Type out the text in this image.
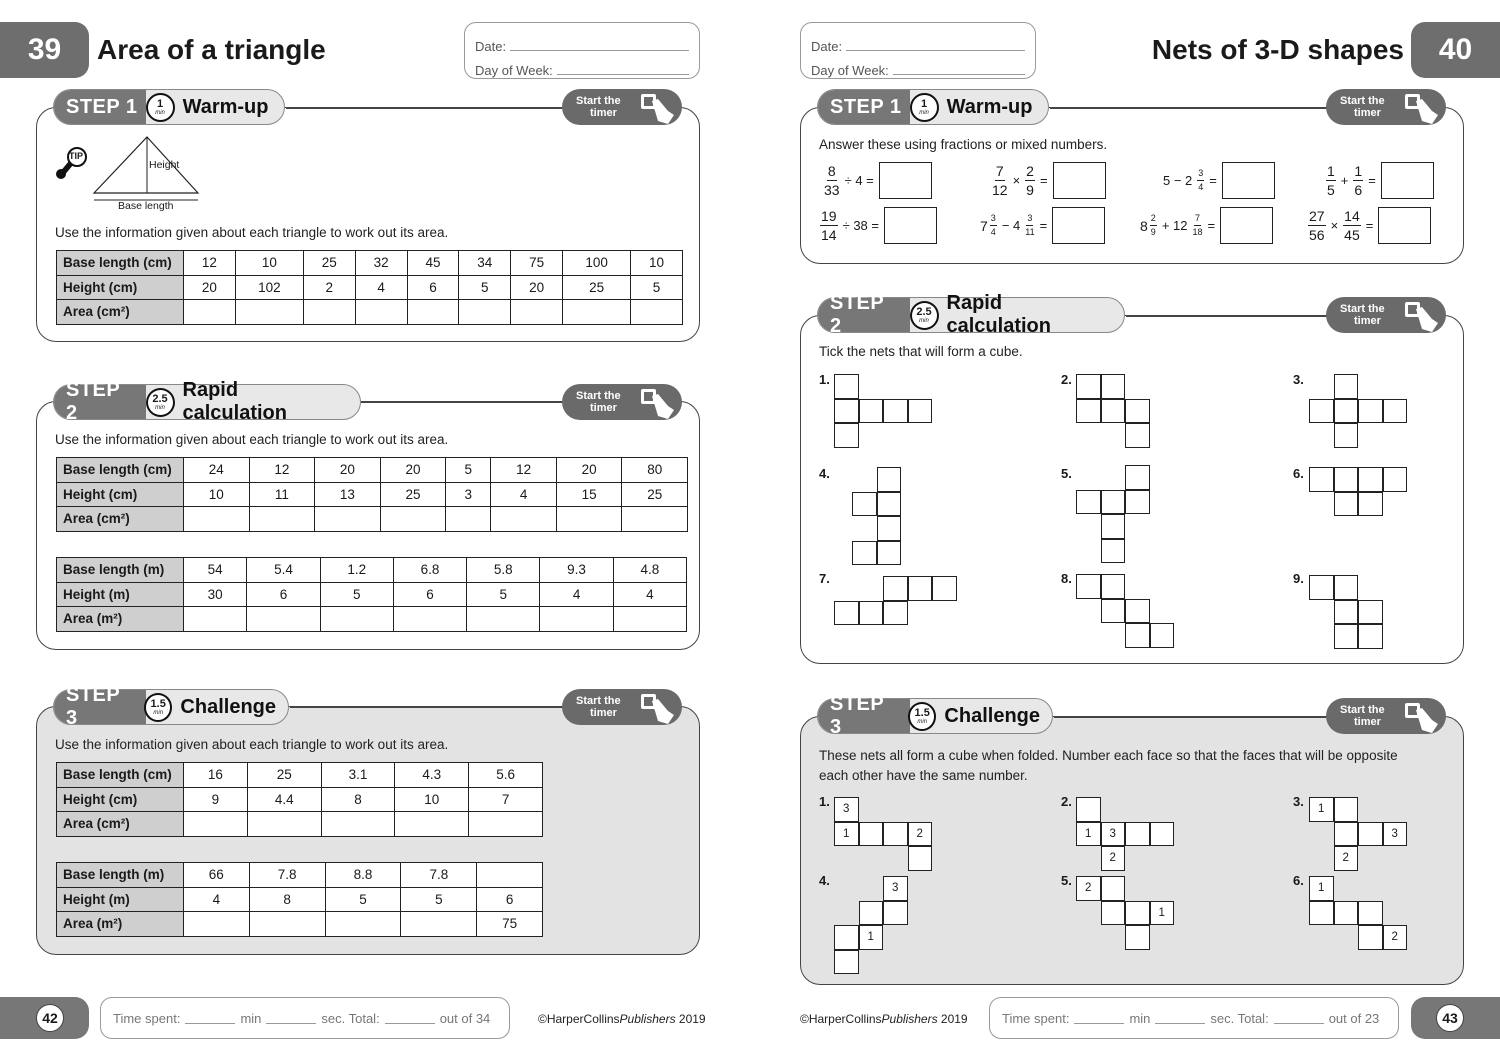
39	Area of a triangle	Date:
Day of Week:
STEP 1 1
min Warm-up	Start the
timer
TIP
Height
Base length
Use the information given about each triangle to work out its area.
Base length (cm)	12	10	25	32	45	34	75	100	10
Height (cm)	20	102	2	4	6	5	20	25	5
Area (cm²)									
STEP 2
2.5
min
Rapid calculation
Start the
timer
Use the information given about each triangle to work out its area.
Base length (cm)	24	12	20	20	5	12	20	80
Height (cm)	10	11	13	25	3	4	15	25
Area (cm²)								
Base length (m)	54	5.4	1.2	6.8	5.8	9.3	4.8
Height (m)	30	6	5	6	5	4	4
Area (m²)							
STEP 3
1.5
min Challenge	Start the
timer
Use the information given about each triangle to work out its area.
Base length (cm)	16	25	3.1	4.3	5.6
Height (cm)	9	4.4	8	10	7
Area (cm²)					
Base length (m)	66	7.8	8.8	7.8	
Height (m)	4	8	5	5	6
Area (m²)					75
42	Time spent:	min	sec. Total:	out of 34	©HarperCollinsPublishers 2019
Date:
Day of Week:
Nets of 3-D shapes	40
STEP 1 1
min Warm-up	Start the
timer
Answer these using fractions or mixed numbers.
$\frac{8}{33} \div 4$ =	$\frac{7}{12} \times \frac{2}{9}$ =	$5 - 2 \frac{3}{4}$ =	$\frac{1}{5} + \frac{1}{6}$ =
$\frac{19}{14} \div 38$ =	$7 \frac{3}{4} - 4 \frac{3}{11}$ =	$8 \frac{2}{9} + 12 \frac{7}{18}$ =	$\frac{27}{56} \times \frac{14}{45}$ =
STEP 2
2.5
min
Rapid calculation
Start the
timer
Tick the nets that will form a cube.
1.	2.	3.
4.	5.	6.
7.	8.	9.
STEP 3
1.5
min Challenge	Start the
timer
These nets all form a cube when folded. Number each face so that the faces that will be opposite
each other have the same number.
1.	2.	3.
4.	5.	6.
3
1	2	1	3
2
1
3
2
3
1
2
1
1
2
©HarperCollinsPublishers 2019	Time spent:	min	sec. Total:	out of 23	43
